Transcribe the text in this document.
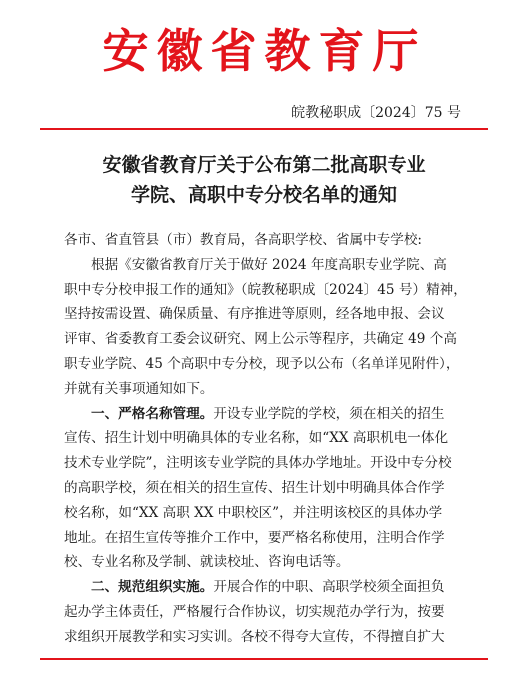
安徽省教育厅
皖教秘职成〔2024〕75 号
安徽省教育厅关于公布第二批高职专业
学院、高职中专分校名单的通知
各市、省直管县（市）教育局，各高职学校、省属中专学校:
根据《安徽省教育厅关于做好 2024 年度高职专业学院、高
职中专分校申报工作的通知》（皖教秘职成〔2024〕45 号）精神，
坚持按需设置、确保质量、有序推进等原则，经各地申报、会议
评审、省委教育工委会议研究、网上公示等程序，共确定 49 个高
职专业学院、45 个高职中专分校，现予以公布（名单详见附件），
并就有关事项通知如下。
一、严格名称管理。开设专业学院的学校，须在相关的招生
宣传、招生计划中明确具体的专业名称，如“XX 高职机电一体化
技术专业学院”，注明该专业学院的具体办学地址。开设中专分校
的高职学校，须在相关的招生宣传、招生计划中明确具体合作学
校名称，如“XX 高职 XX 中职校区”，并注明该校区的具体办学
地址。在招生宣传等推介工作中，要严格名称使用，注明合作学
校、专业名称及学制、就读校址、咨询电话等。
二、规范组织实施。开展合作的中职、高职学校须全面担负
起办学主体责任，严格履行合作协议，切实规范办学行为，按要
求组织开展教学和实习实训。各校不得夸大宣传，不得擅自扩大
